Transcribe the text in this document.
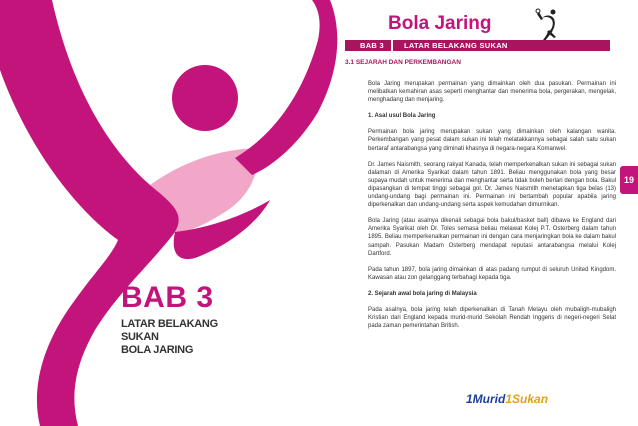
BAB 3
LATAR BELAKANG SUKAN
BOLA JARING
Bola Jaring
BAB 3	LATAR BELAKANG SUKAN
3.1 SEJARAH DAN PERKEMBANGAN

Bola Jaring merupakan permainan yang dimainkan oleh dua pasukan. Permainan ini melibatkan kemahiran asas seperti menghantar dan menerima bola, pergerakan, mengelak, menghadang dan menjaring.

1. Asal usul Bola Jaring

Permainan bola jaring merupakan sukan yang dimainkan oleh kalangan wanita. Perkembangan yang pesat dalam sukan ini telah melatakkannya sebagai salah satu sukan bertaraf antarabangsa yang diminati khasnya di negara-negara Komanwel.

Dr. James Naismith, seorang rakyat Kanada, telah memperkenalkan sukan ini sebagai sukan dalaman di Amerika Syarikat dalam tahun 1891. Beliau menggunakan bola yang besar supaya mudah untuk menerima dan menghantar serta tidak boleh berlari dengan bola. Bakul dipasangkan di tempat tinggi sebagai gol. Dr. James Naismith menetapkan tiga belas (13) undang-undang bagi permainan ini. Permainan ini bertambah popular apabila jaring diperkenalkan dan undang-undang serta aspek kemudahan dimurnikan.

Bola Jaring (atau asalnya dikenali sebagai bola bakul/basket ball) dibawa ke England dari Amerika Syarikat oleh Dr. Toles semasa beliau melawat Kolej P.T. Osterberg dalam tahun 1895. Beliau memperkenalkan permainan ini dengan cara menjaringkan bola ke dalam bakul sampah. Pasukan Madam Osterberg mendapat reputasi antarabangsa melalui Kolej Dartford.

Pada tahun 1897, bola jaring dimainkan di atas padang rumput di seluruh United Kingdom. Kawasan atau zon gelanggang terbahagi kepada tiga.

2. Sejarah awal bola jaring di Malaysia

Pada asalnya, bola jaring telah diperkenalkan di Tanah Melayu oleh mubaligh-mubaligh Kristian dari England kepada murid-murid Sekolah Rendah Inggeris di negeri-negeri Selat pada zaman pemerintahan British.

19
1Murid1Sukan
